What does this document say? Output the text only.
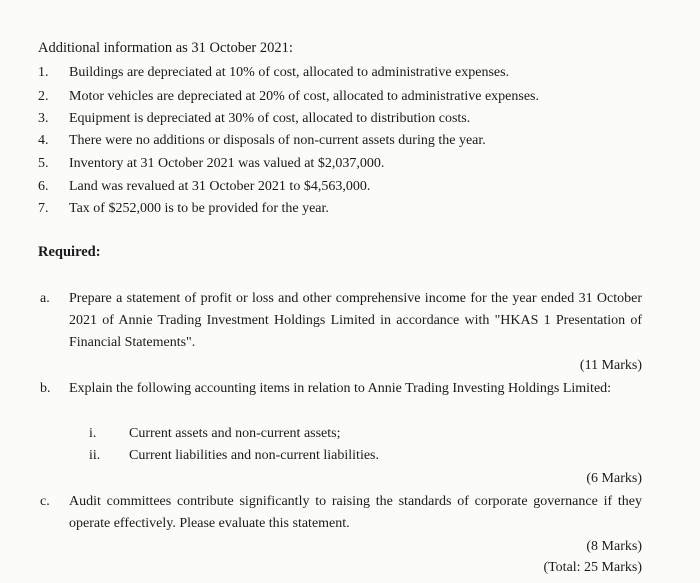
Additional information as 31 October 2021:
1.	Buildings are depreciated at 10% of cost, allocated to administrative expenses.
2.	Motor vehicles are depreciated at 20% of cost, allocated to administrative expenses.
3.	Equipment is depreciated at 30% of cost, allocated to distribution costs.
4.	There were no additions or disposals of non-current assets during the year.
5.	Inventory at 31 October 2021 was valued at $2,037,000.
6.	Land was revalued at 31 October 2021 to $4,563,000.
7.	Tax of $252,000 is to be provided for the year.
Required:
a. Prepare a statement of profit or loss and other comprehensive income for the year ended 31 October 2021 of Annie Trading Investment Holdings Limited in accordance with "HKAS 1 Presentation of Financial Statements".
(11 Marks)
b. Explain the following accounting items in relation to Annie Trading Investing Holdings Limited:
i. Current assets and non-current assets;
ii. Current liabilities and non-current liabilities.
(6 Marks)
c. Audit committees contribute significantly to raising the standards of corporate governance if they operate effectively. Please evaluate this statement.
(8 Marks)
(Total: 25 Marks)
